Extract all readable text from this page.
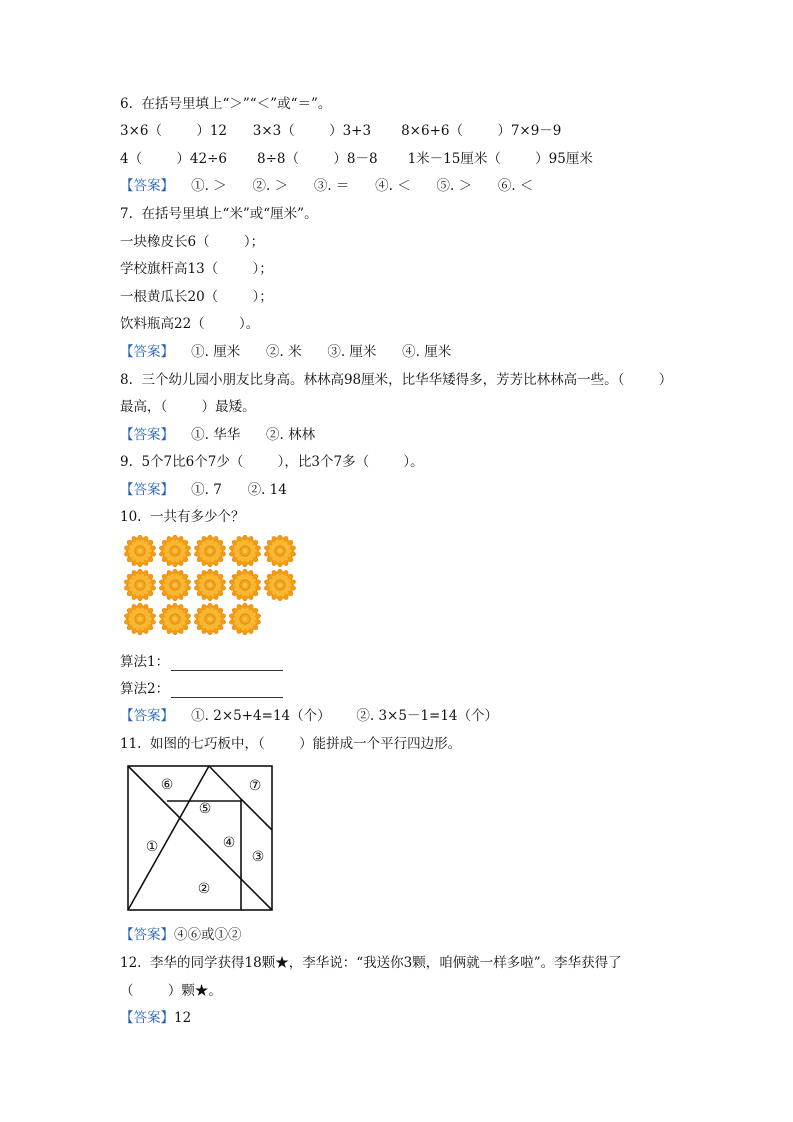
6.  在括号里填上“＞”“＜”或“＝”。
3×6（        ）12      3×3（        ）3+3       8×6+6（        ）7×9－9
4（        ）42÷6       8÷8（        ）8－8       1米－15厘米（        ）95厘米
【答案】    ①. ＞      ②. ＞      ③. ＝      ④. ＜      ⑤. ＞      ⑥. ＜
7.  在括号里填上“米”或“厘米”。
一块橡皮长6（        ）；
学校旗杆高13（        ）；
一根黄瓜长20（        ）；
饮料瓶高22（        ）。
【答案】    ①. 厘米      ②. 米      ③. 厘米      ④. 厘米
8.  三个幼儿园小朋友比身高。林林高98厘米，比华华矮得多，芳芳比林林高一些。（        ）
最高，（        ）最矮。
【答案】    ①. 华华      ②. 林林
9.  5个7比6个7少（        ），比3个7多（        ）。
【答案】    ①. 7      ②. 14
10.  一共有多少个？
算法1：
算法2：
【答案】    ①. 2×5+4=14（个）      ②. 3×5－1=14（个）
11.  如图的七巧板中，（        ）能拼成一个平行四边形。
⑥	⑦
⑤
①	④
③
②
【答案】④⑥或①②
12.  李华的同学获得18颗★，李华说：“我送你3颗，咱俩就一样多啦”。李华获得了
（        ）颗★。
【答案】12
